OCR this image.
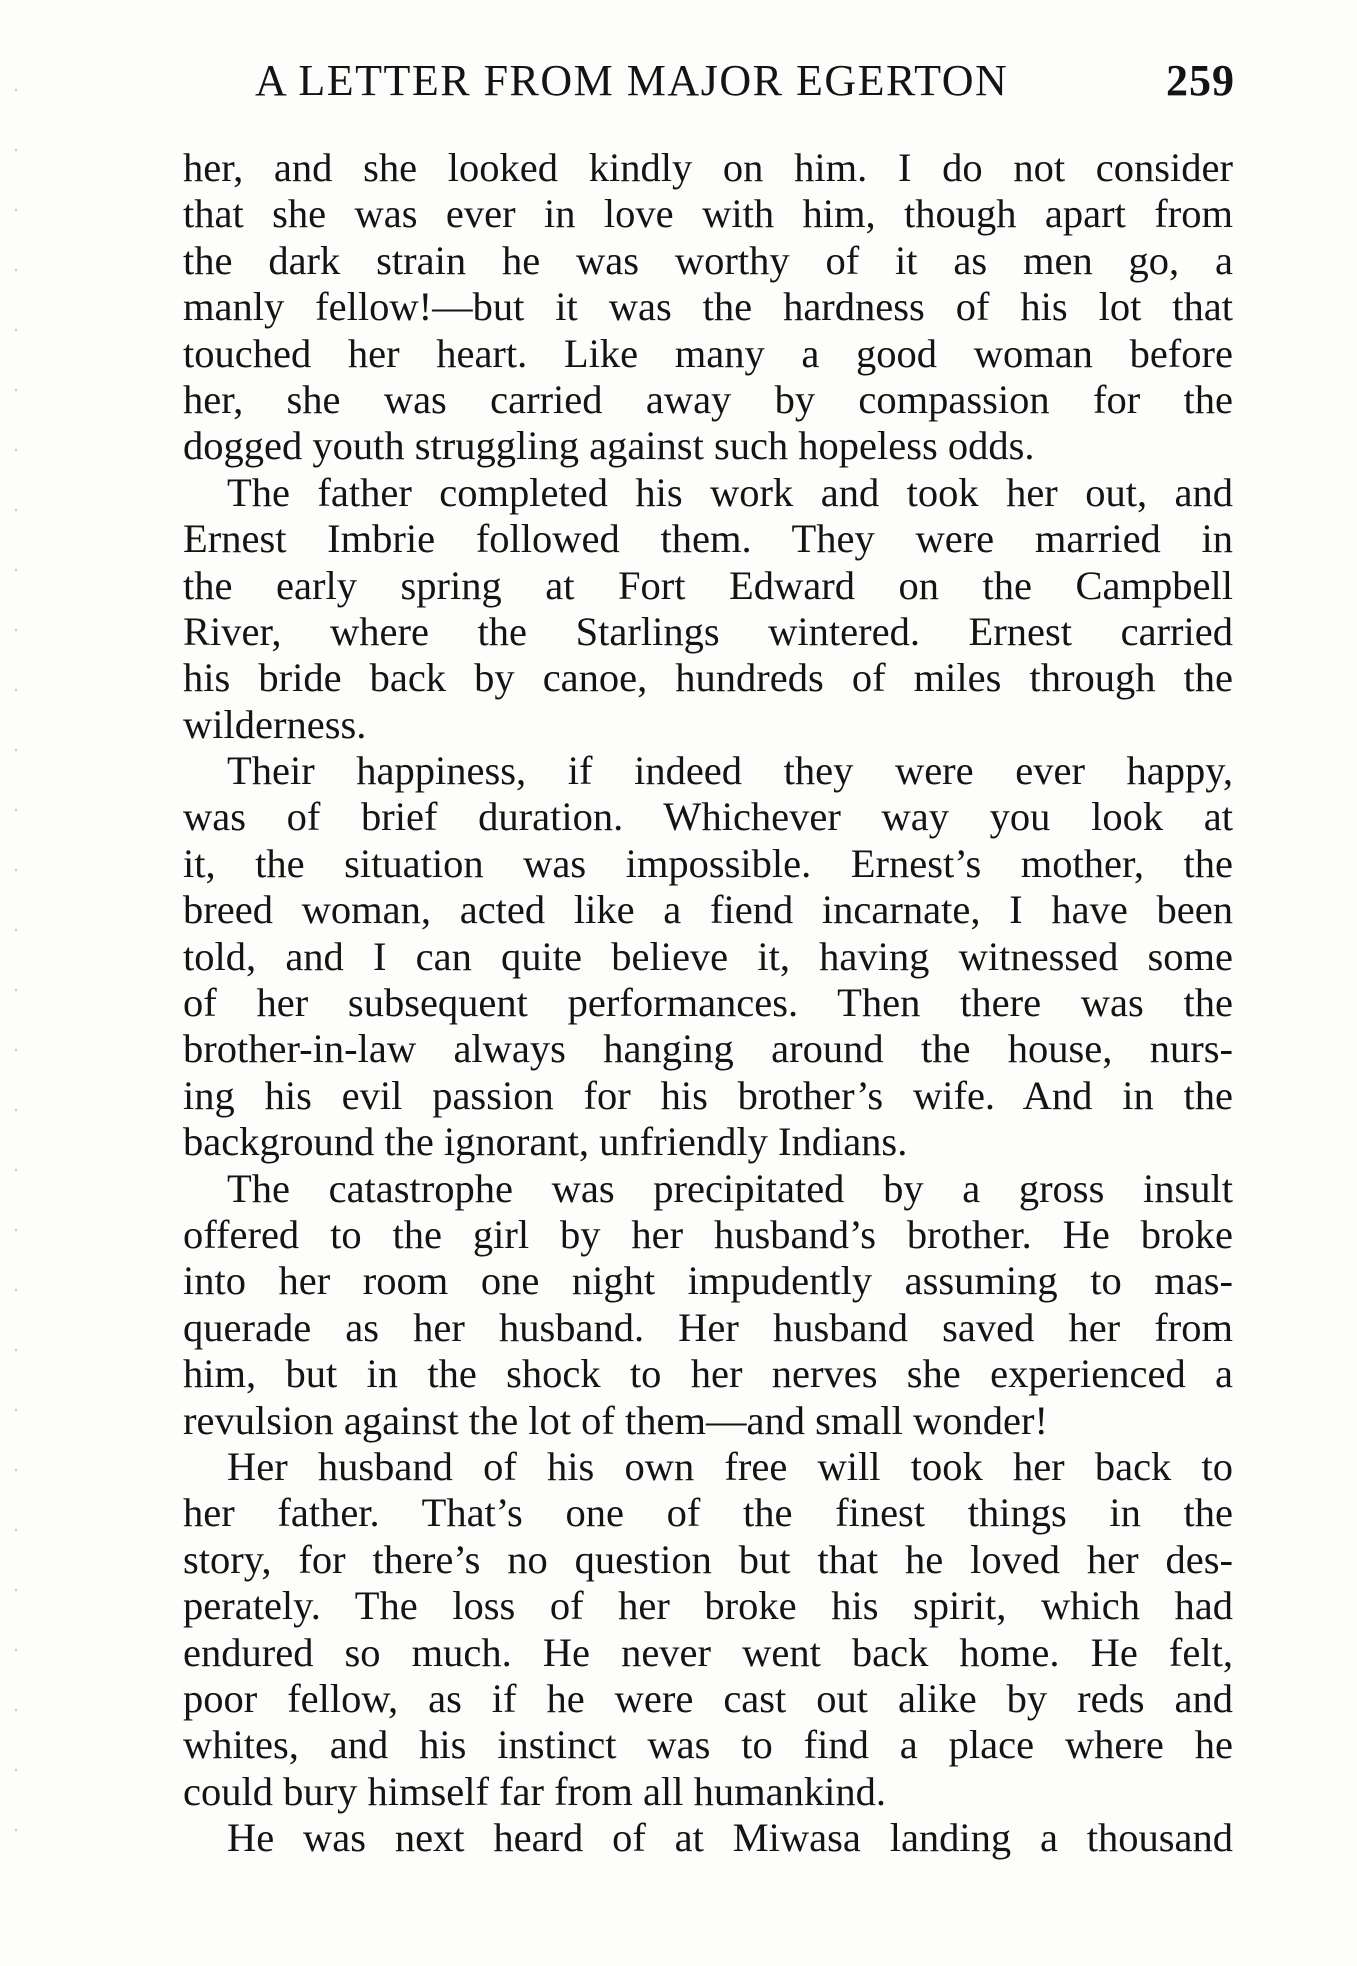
A LETTER FROM MAJOR EGERTON	259
her, and she looked kindly on him. I do not consider
that she was ever in love with him, though apart from
the dark strain he was worthy of it as men go, a
manly fellow!—but it was the hardness of his lot that
touched her heart. Like many a good woman before
her, she was carried away by compassion for the
dogged youth struggling against such hopeless odds.
The father completed his work and took her out, and
Ernest Imbrie followed them. They were married in
the early spring at Fort Edward on the Campbell
River, where the Starlings wintered. Ernest carried
his bride back by canoe, hundreds of miles through the
wilderness.
Their happiness, if indeed they were ever happy,
was of brief duration. Whichever way you look at
it, the situation was impossible. Ernest’s mother, the
breed woman, acted like a fiend incarnate, I have been
told, and I can quite believe it, having witnessed some
of her subsequent performances. Then there was the
brother-in-law always hanging around the house, nurs-
ing his evil passion for his brother’s wife. And in the
background the ignorant, unfriendly Indians.
The catastrophe was precipitated by a gross insult
offered to the girl by her husband’s brother. He broke
into her room one night impudently assuming to mas-
querade as her husband. Her husband saved her from
him, but in the shock to her nerves she experienced a
revulsion against the lot of them—and small wonder!
Her husband of his own free will took her back to
her father. That’s one of the finest things in the
story, for there’s no question but that he loved her des-
perately. The loss of her broke his spirit, which had
endured so much. He never went back home. He felt,
poor fellow, as if he were cast out alike by reds and
whites, and his instinct was to find a place where he
could bury himself far from all humankind.
He was next heard of at Miwasa landing a thousand
